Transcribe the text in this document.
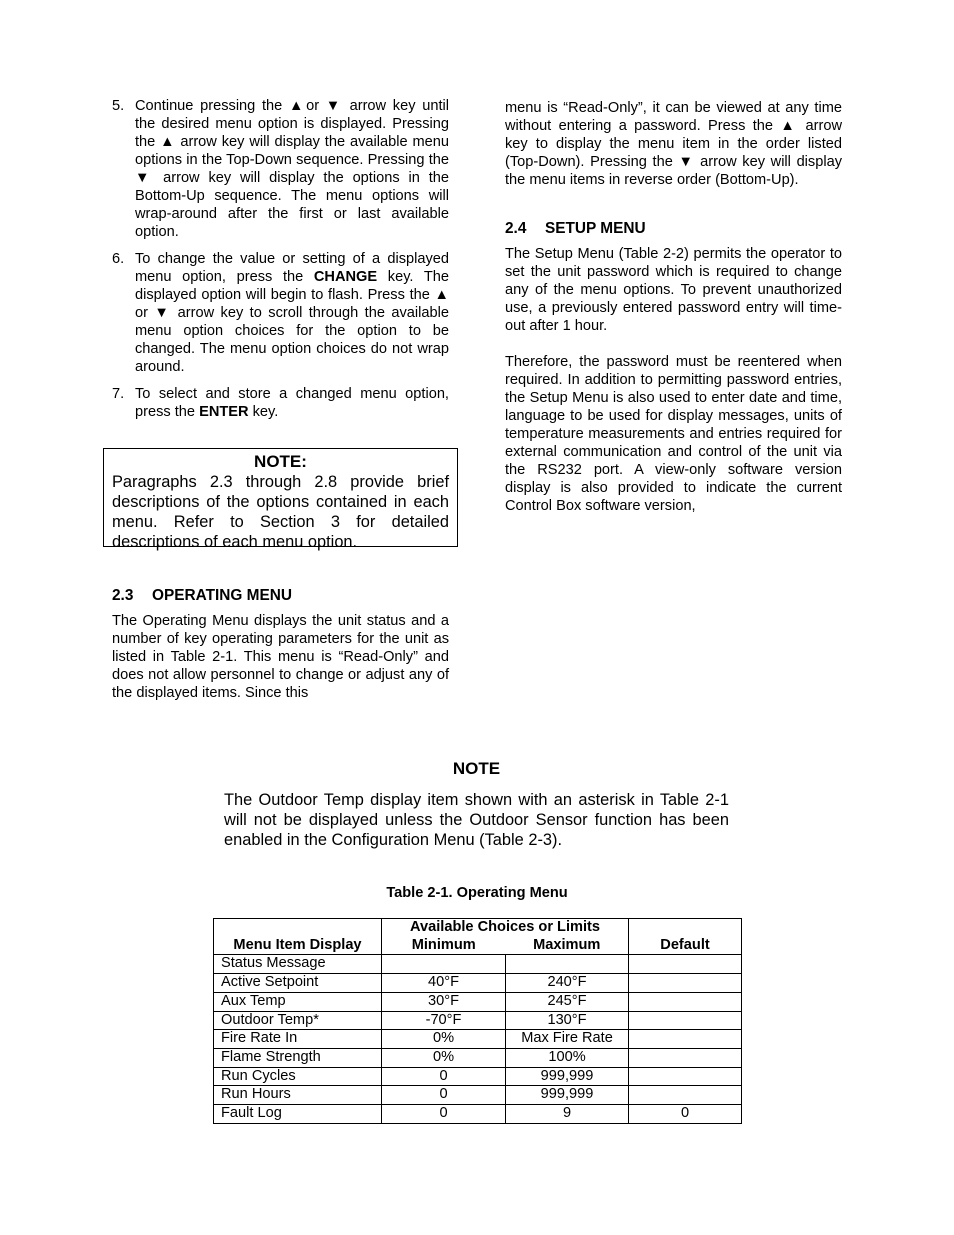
5. Continue pressing the ▲or ▼ arrow key until the desired menu option is displayed. Pressing the ▲ arrow key will display the available menu options in the Top-Down sequence. Pressing the ▼ arrow key will display the options in the Bottom-Up sequence. The menu options will wrap-around after the first or last available option.
6. To change the value or setting of a displayed menu option, press the CHANGE key. The displayed option will begin to flash. Press the ▲ or ▼ arrow key to scroll through the available menu option choices for the option to be changed. The menu option choices do not wrap around.
7. To select and store a changed menu option, press the ENTER key.
NOTE:
Paragraphs 2.3 through 2.8 provide brief descriptions of the options contained in each menu. Refer to Section 3 for detailed descriptions of each menu option.
2.3 OPERATING MENU

The Operating Menu displays the unit status and a number of key operating parameters for the unit as listed in Table 2-1. This menu is “Read-Only” and does not allow personnel to change or adjust any of the displayed items. Since this

menu is “Read-Only”, it can be viewed at any time without entering a password. Press the ▲ arrow key to display the menu item in the order listed (Top-Down). Pressing the ▼ arrow key will display the menu items in reverse order (Bottom-Up).

2.4 SETUP MENU

The Setup Menu (Table 2-2) permits the operator to set the unit password which is required to change any of the menu options. To prevent unauthorized use, a previously entered password entry will time-out after 1 hour.

Therefore, the password must be reentered when required. In addition to permitting password entries, the Setup Menu is also used to enter date and time, language to be used for display messages, units of temperature measurements and entries required for external communication and control of the unit via the RS232 port. A view-only software version display is also provided to indicate the current Control Box software version,

NOTE
The Outdoor Temp display item shown with an asterisk in Table 2-1 will not be displayed unless the Outdoor Sensor function has been enabled in the Configuration Menu (Table 2-3).
Table 2-1. Operating Menu
Menu Item Display	Available Choices or Limits		Default
	Minimum	Maximum	
Status Message			
Active Setpoint	40°F	240°F	
Aux Temp	30°F	245°F	
Outdoor Temp*	-70°F	130°F	
Fire Rate In	0%	Max Fire Rate	
Flame Strength	0%	100%	
Run Cycles	0	999,999	
Run Hours	0	999,999	
Fault Log	0	9	0
